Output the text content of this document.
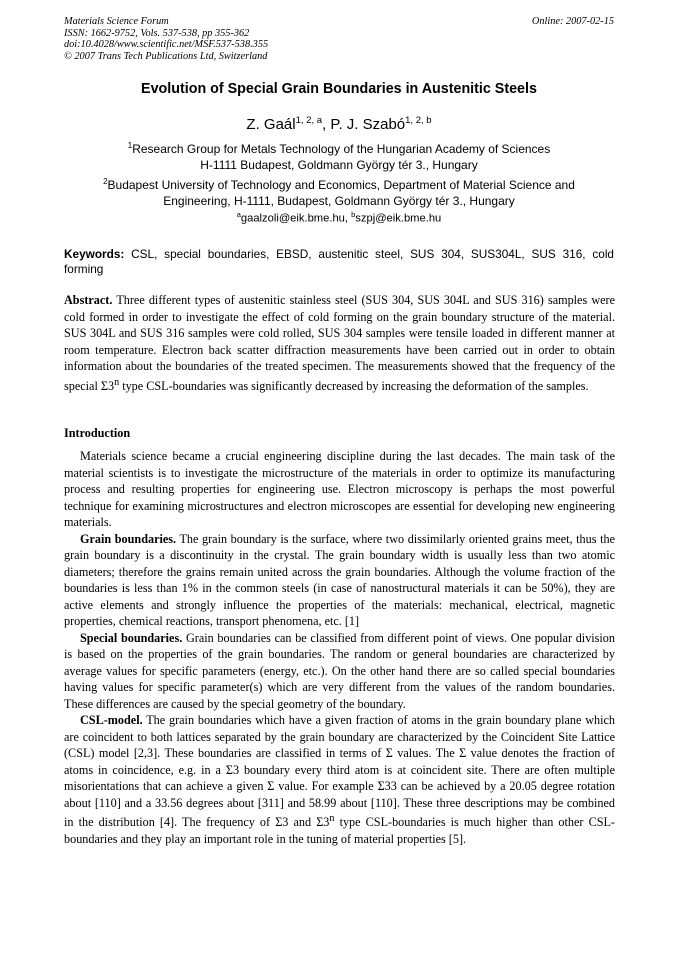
Materials Science Forum
ISSN: 1662-9752, Vols. 537-538, pp 355-362
doi:10.4028/www.scientific.net/MSF.537-538.355
© 2007 Trans Tech Publications Ltd, Switzerland
Online: 2007-02-15
Evolution of Special Grain Boundaries in Austenitic Steels
Z. Gaál$^{1, 2, a}$, P. J. Szabó$^{1, 2, b}$
$^1$Research Group for Metals Technology of the Hungarian Academy of Sciences
H-1111 Budapest, Goldmann György tér 3., Hungary
$^2$Budapest University of Technology and Economics, Department of Material Science and
Engineering, H-1111, Budapest, Goldmann György tér 3., Hungary
$^a$gaalzoli@eik.bme.hu, $^b$szpj@eik.bme.hu
Keywords: CSL, special boundaries, EBSD, austenitic steel, SUS 304, SUS304L, SUS 316, cold forming
Abstract. Three different types of austenitic stainless steel (SUS 304, SUS 304L and SUS 316) samples were cold formed in order to investigate the effect of cold forming on the grain boundary structure of the material. SUS 304L and SUS 316 samples were cold rolled, SUS 304 samples were tensile loaded in different manner at room temperature. Electron back scatter diffraction measurements have been carried out in order to obtain information about the boundaries of the treated specimen. The measurements showed that the frequency of the special Σ3$^n$ type CSL-boundaries was significantly decreased by increasing the deformation of the samples.
Introduction

Materials science became a crucial engineering discipline during the last decades. The main task of the material scientists is to investigate the microstructure of the materials in order to optimize its manufacturing process and resulting properties for engineering use. Electron microscopy is perhaps the most powerful technique for examining microstructures and electron microscopes are essential for developing new engineering materials.

Grain boundaries. The grain boundary is the surface, where two dissimilarly oriented grains meet, thus the grain boundary is a discontinuity in the crystal. The grain boundary width is usually less than two atomic diameters; therefore the grains remain united across the grain boundaries. Although the volume fraction of the boundaries is less than 1% in the common steels (in case of nanostructural materials it can be 50%), they are active elements and strongly influence the properties of the materials: mechanical, electrical, magnetic properties, chemical reactions, transport phenomena, etc. [1]

Special boundaries. Grain boundaries can be classified from different point of views. One popular division is based on the properties of the grain boundaries. The random or general boundaries are characterized by average values for specific parameters (energy, etc.). On the other hand there are so called special boundaries having values for specific parameter(s) which are very different from the values of the random boundaries. These differences are caused by the special geometry of the boundary.

CSL-model. The grain boundaries which have a given fraction of atoms in the grain boundary plane which are coincident to both lattices separated by the grain boundary are characterized by the Coincident Site Lattice (CSL) model [2,3]. These boundaries are classified in terms of Σ values. The Σ value denotes the fraction of atoms in coincidence, e.g. in a Σ3 boundary every third atom is at coincident site. There are often multiple misorientations that can achieve a given Σ value. For example Σ33 can be achieved by a 20.05 degree rotation about [110] and a 33.56 degrees about [311] and 58.99 about [110]. These three descriptions may be combined in the distribution [4]. The frequency of Σ3 and Σ3$^n$ type CSL-boundaries is much higher than other CSL-boundaries and they play an important role in the tuning of material properties [5].
